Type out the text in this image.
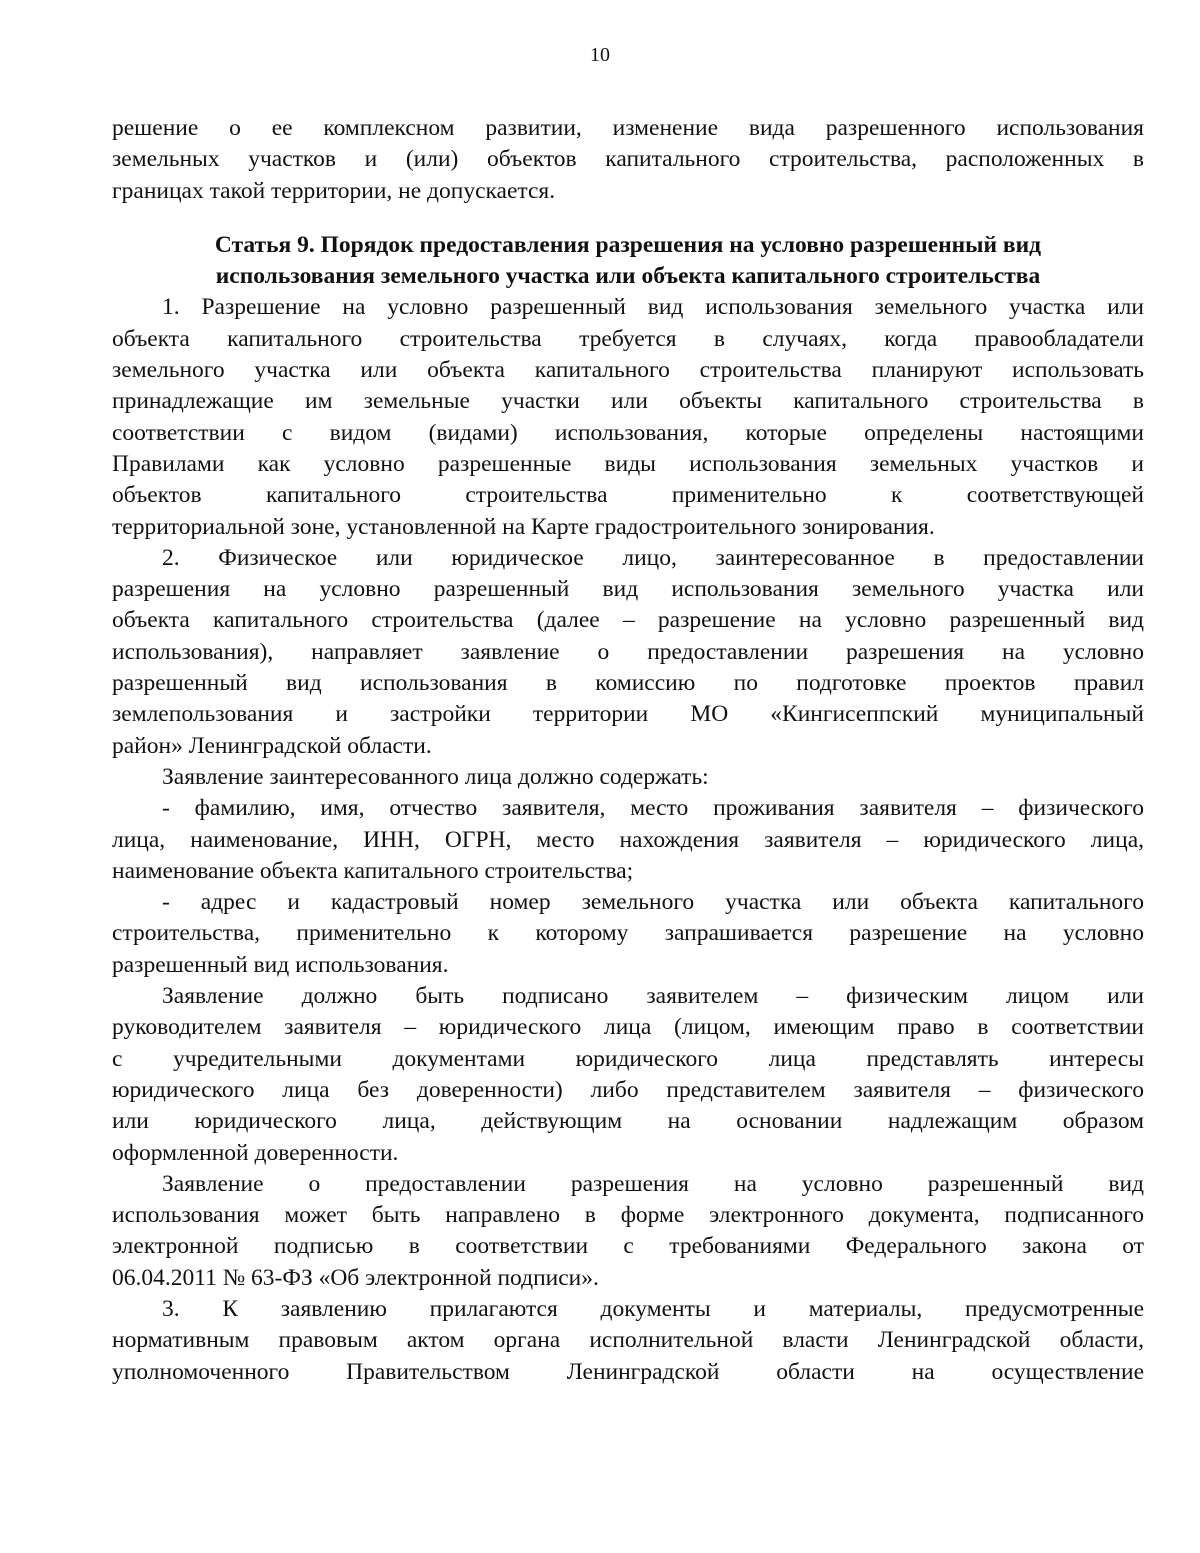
10
решение о ее комплексном развитии, изменение вида разрешенного использования
земельных участков и (или) объектов капитального строительства, расположенных в
границах такой территории, не допускается.
Статья 9. Порядок предоставления разрешения на условно разрешенный вид
использования земельного участка или объекта капитального строительства
1. Разрешение на условно разрешенный вид использования земельного участка или
объекта капитального строительства требуется в случаях, когда правообладатели
земельного участка или объекта капитального строительства планируют использовать
принадлежащие им земельные участки или объекты капитального строительства в
соответствии с видом (видами) использования, которые определены настоящими
Правилами как условно разрешенные виды использования земельных участков и
объектов капитального строительства применительно к соответствующей
территориальной зоне, установленной на Карте градостроительного зонирования.
2. Физическое или юридическое лицо, заинтересованное в предоставлении
разрешения на условно разрешенный вид использования земельного участка или
объекта капитального строительства (далее – разрешение на условно разрешенный вид
использования), направляет заявление о предоставлении разрешения на условно
разрешенный вид использования в комиссию по подготовке проектов правил
землепользования и застройки территории МО «Кингисеппский муниципальный
район» Ленинградской области.
Заявление заинтересованного лица должно содержать:
- фамилию, имя, отчество заявителя, место проживания заявителя – физического
лица, наименование, ИНН, ОГРН, место нахождения заявителя – юридического лица,
наименование объекта капитального строительства;
- адрес и кадастровый номер земельного участка или объекта капитального
строительства, применительно к которому запрашивается разрешение на условно
разрешенный вид использования.
Заявление должно быть подписано заявителем – физическим лицом или
руководителем заявителя – юридического лица (лицом, имеющим право в соответствии
с учредительными документами юридического лица представлять интересы
юридического лица без доверенности) либо представителем заявителя – физического
или юридического лица, действующим на основании надлежащим образом
оформленной доверенности.
Заявление о предоставлении разрешения на условно разрешенный вид
использования может быть направлено в форме электронного документа, подписанного
электронной подписью в соответствии с требованиями Федерального закона от
06.04.2011 № 63-ФЗ «Об электронной подписи».
3. К заявлению прилагаются документы и материалы, предусмотренные
нормативным правовым актом органа исполнительной власти Ленинградской области,
уполномоченного Правительством Ленинградской области на осуществление
